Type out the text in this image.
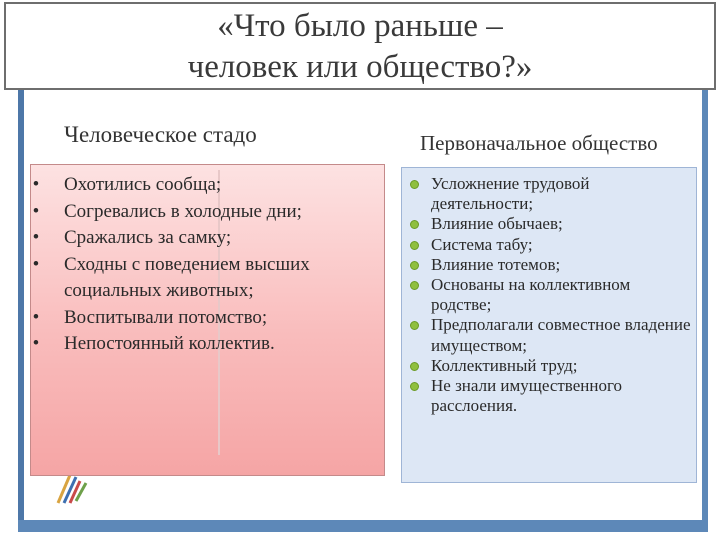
«Что было раньше –
человек или общество?»
Человеческое стадо	Первоначальное общество
• Охотились сообща;
• Согревались в холодные дни;
• Сражались за самку;
• Сходны с поведением высших социальных животных;
• Воспитывали потомство;
• Непостоянный коллектив.
Усложнение трудовой деятельности;
Влияние обычаев;
Система табу;
Влияние тотемов;
Основаны на коллективном родстве;
Предполагали совместное владение имуществом;
Коллективный труд;
Не знали имущественного расслоения.
